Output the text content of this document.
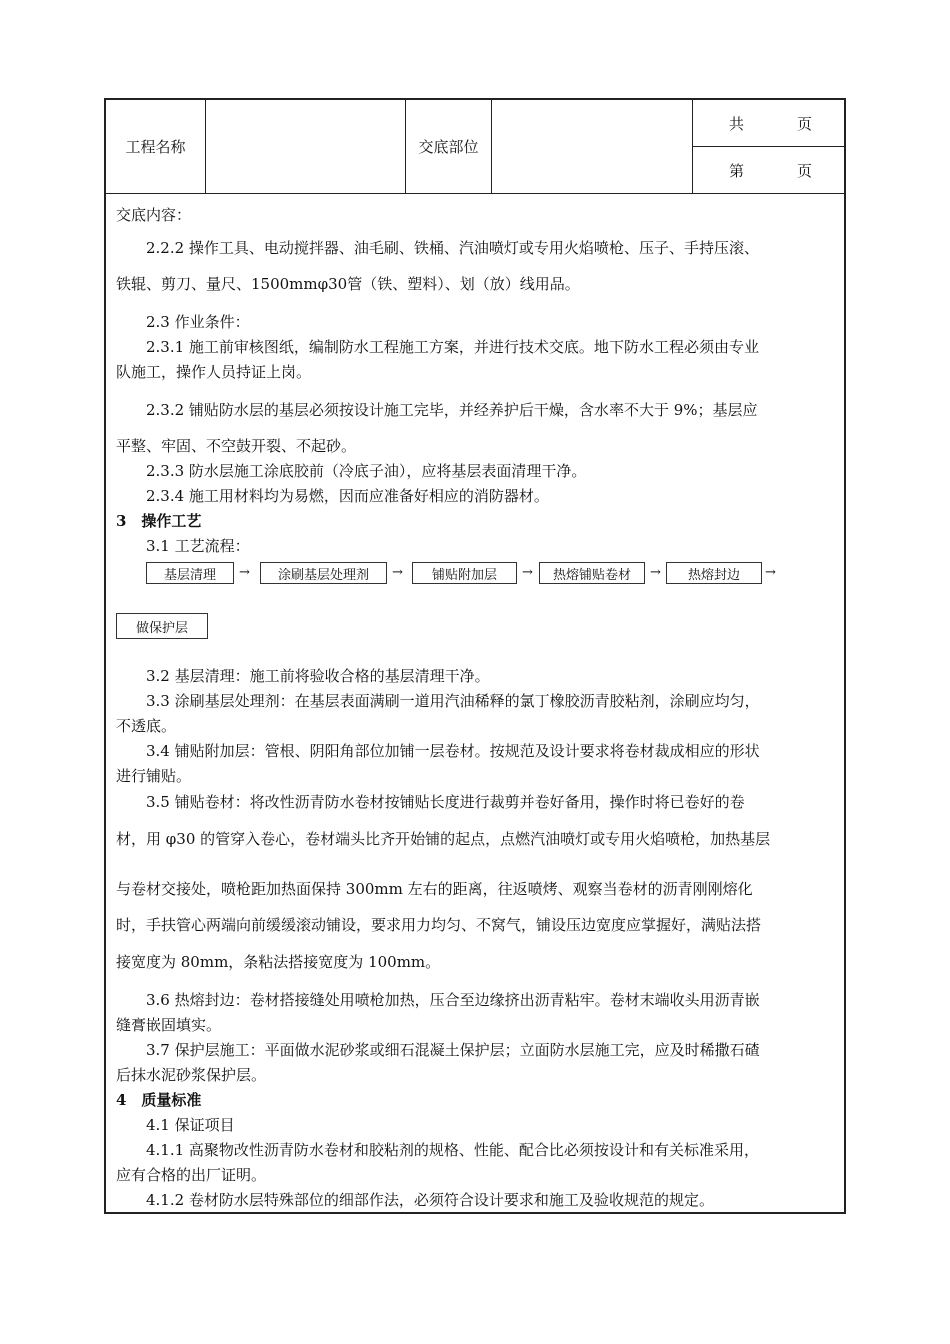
工程名称	交底部位
共	页
第	页
交底内容：
2.2.2 操作工具、电动搅拌器、油毛刷、铁桶、汽油喷灯或专用火焰喷枪、压子、手持压滚、
铁辊、剪刀、量尺、1500mmφ30管（铁、塑料）、划（放）线用品。
2.3 作业条件：
2.3.1 施工前审核图纸，编制防水工程施工方案，并进行技术交底。地下防水工程必须由专业
队施工，操作人员持证上岗。
2.3.2 铺贴防水层的基层必须按设计施工完毕，并经养护后干燥，含水率不大于 9%；基层应
平整、牢固、不空鼓开裂、不起砂。
2.3.3 防水层施工涂底胶前（冷底子油），应将基层表面清理干净。
2.3.4 施工用材料均为易燃，因而应准备好相应的消防器材。
3　操作工艺
3.1 工艺流程：
基层清理	→	涂刷基层处理剂	→	铺贴附加层	→	热熔铺贴卷材	→	热熔封边	→
做保护层
3.2 基层清理：施工前将验收合格的基层清理干净。
3.3 涂刷基层处理剂：在基层表面满刷一道用汽油稀释的氯丁橡胶沥青胶粘剂，涂刷应均匀，
不透底。
3.4 铺贴附加层：管根、阴阳角部位加铺一层卷材。按规范及设计要求将卷材裁成相应的形状
进行铺贴。
3.5 铺贴卷材：将改性沥青防水卷材按铺贴长度进行裁剪并卷好备用，操作时将已卷好的卷
材，用 φ30 的管穿入卷心，卷材端头比齐开始铺的起点，点燃汽油喷灯或专用火焰喷枪，加热基层
与卷材交接处，喷枪距加热面保持 300mm 左右的距离，往返喷烤、观察当卷材的沥青刚刚熔化
时，手扶管心两端向前缓缓滚动铺设，要求用力均匀、不窝气，铺设压边宽度应掌握好，满贴法搭
接宽度为 80mm，条粘法搭接宽度为 100mm。
3.6 热熔封边：卷材搭接缝处用喷枪加热，压合至边缘挤出沥青粘牢。卷材末端收头用沥青嵌
缝膏嵌固填实。
3.7 保护层施工：平面做水泥砂浆或细石混凝土保护层；立面防水层施工完，应及时稀撒石碴
后抹水泥砂浆保护层。
4　质量标准
4.1 保证项目
4.1.1 高聚物改性沥青防水卷材和胶粘剂的规格、性能、配合比必须按设计和有关标准采用，
应有合格的出厂证明。
4.1.2 卷材防水层特殊部位的细部作法，必须符合设计要求和施工及验收规范的规定。
